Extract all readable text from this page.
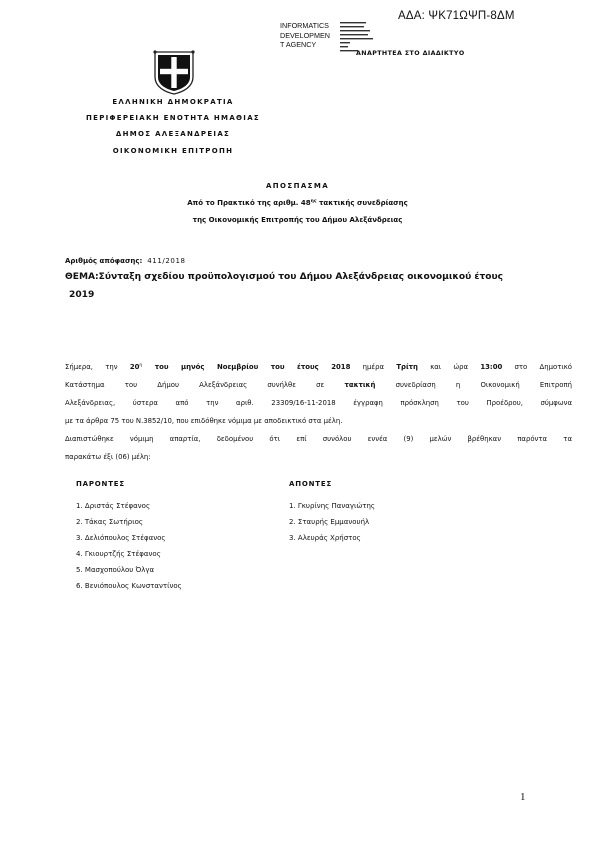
ΑΔΑ: ΨΚ71ΩΨΠ-8ΔΜ
INFORMATICS
DEVELOPMEN
T AGENCY
ΑΝΑΡΤΗΤΕΑ ΣΤΟ ΔΙΑΔΙΚΤΥΟ
ΕΛΛΗΝΙΚΗ ΔΗΜΟΚΡΑΤΙΑ
ΠΕΡΙΦΕΡΕΙΑΚΗ ΕΝΟΤΗΤΑ ΗΜΑΘΙΑΣ
ΔΗΜΟΣ ΑΛΕΞΑΝΔΡΕΙΑΣ
ΟΙΚΟΝΟΜΙΚΗ ΕΠΙΤΡΟΠΗ
ΑΠΟΣΠΑΣΜΑ
Από το Πρακτικό της αριθμ. $48^{\eta\varsigma}$ τακτικής συνεδρίασης
της Οικονομικής Επιτροπής του Δήμου Αλεξάνδρειας
Αριθμός απόφασης: 411/2018
ΘΕΜΑ:Σύνταξη σχεδίου προϋπολογισμού του Δήμου Αλεξάνδρειας οικονομικού έτους
2019
Σήμερα, την $20^\eta$ του μηνός Νοεμβρίου του έτους 2018 ημέρα Τρίτη και ώρα 13:00 στο Δημοτικό
Κατάστημα του Δήμου Αλεξάνδρειας συνήλθε σε τακτική συνεδρίαση η Οικονομική Επιτροπή
Αλεξάνδρειας, ύστερα από την αριθ. 23309/16-11-2018 έγγραφη πρόσκληση του Προέδρου, σύμφωνα
με τα άρθρα 75 του Ν.3852/10, που επιδόθηκε νόμιμα με αποδεικτικό στα μέλη.
Διαπιστώθηκε νόμιμη απαρτία, δεδομένου ότι επί συνόλου εννέα (9) μελών βρέθηκαν παρόντα τα
παρακάτω έξι (06) μέλη:
ΠΑΡΟΝΤΕΣ
1. Δριστάς Στέφανος
2. Τάκας Σωτήριος
3. Δελιόπουλος Στέφανος
4. Γκιουρτζής Στέφανος
5. Μασχοπούλου Όλγα
6. Βενιόπουλος Κωνσταντίνος
ΑΠΟΝΤΕΣ
1. Γκυρίνης Παναγιώτης
2. Σταυρής Εμμανουήλ
3. Αλευράς Χρήστος
1
